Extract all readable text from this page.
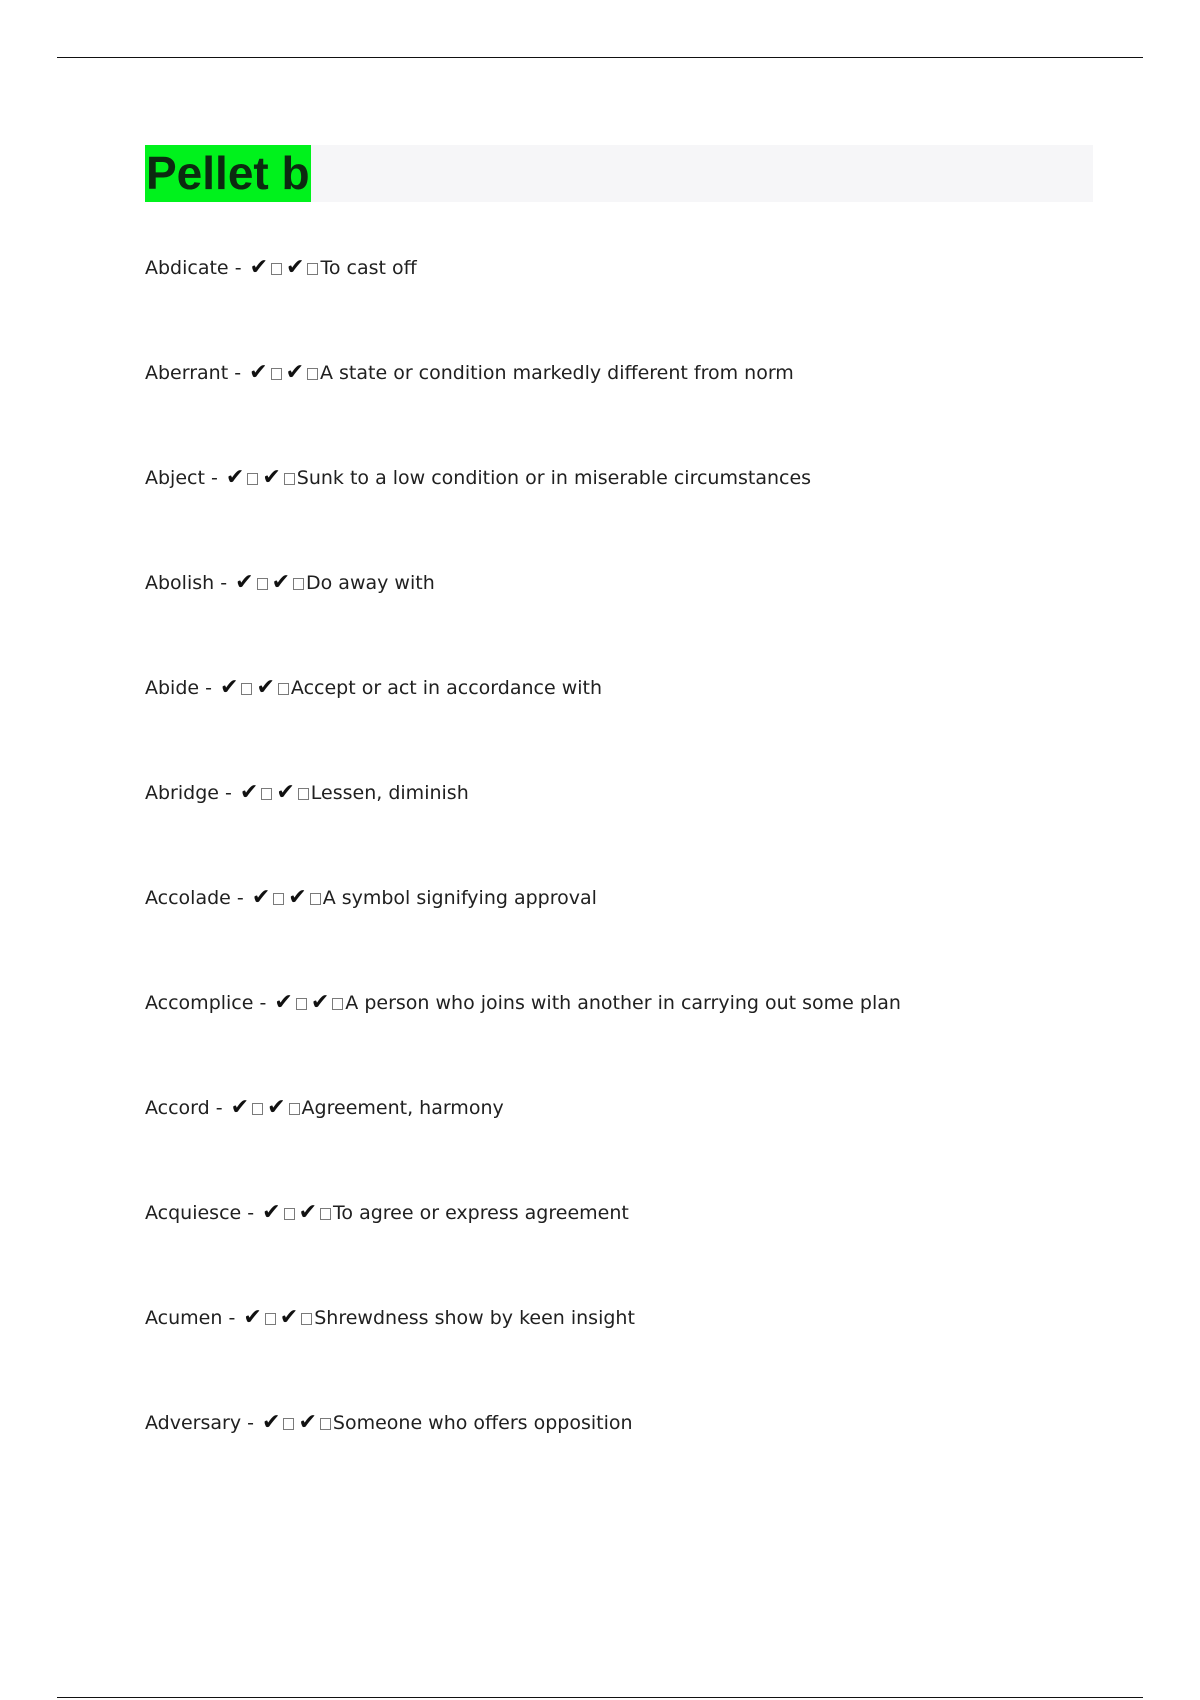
Pellet b
Abdicate - ✔ ✔ To cast off
Aberrant - ✔ ✔ A state or condition markedly different from norm
Abject - ✔ ✔ Sunk to a low condition or in miserable circumstances
Abolish - ✔ ✔ Do away with
Abide - ✔ ✔ Accept or act in accordance with
Abridge - ✔ ✔ Lessen, diminish
Accolade - ✔ ✔ A symbol signifying approval
Accomplice - ✔ ✔ A person who joins with another in carrying out some plan
Accord - ✔ ✔ Agreement, harmony
Acquiesce - ✔ ✔ To agree or express agreement
Acumen - ✔ ✔ Shrewdness show by keen insight
Adversary - ✔ ✔ Someone who offers opposition
